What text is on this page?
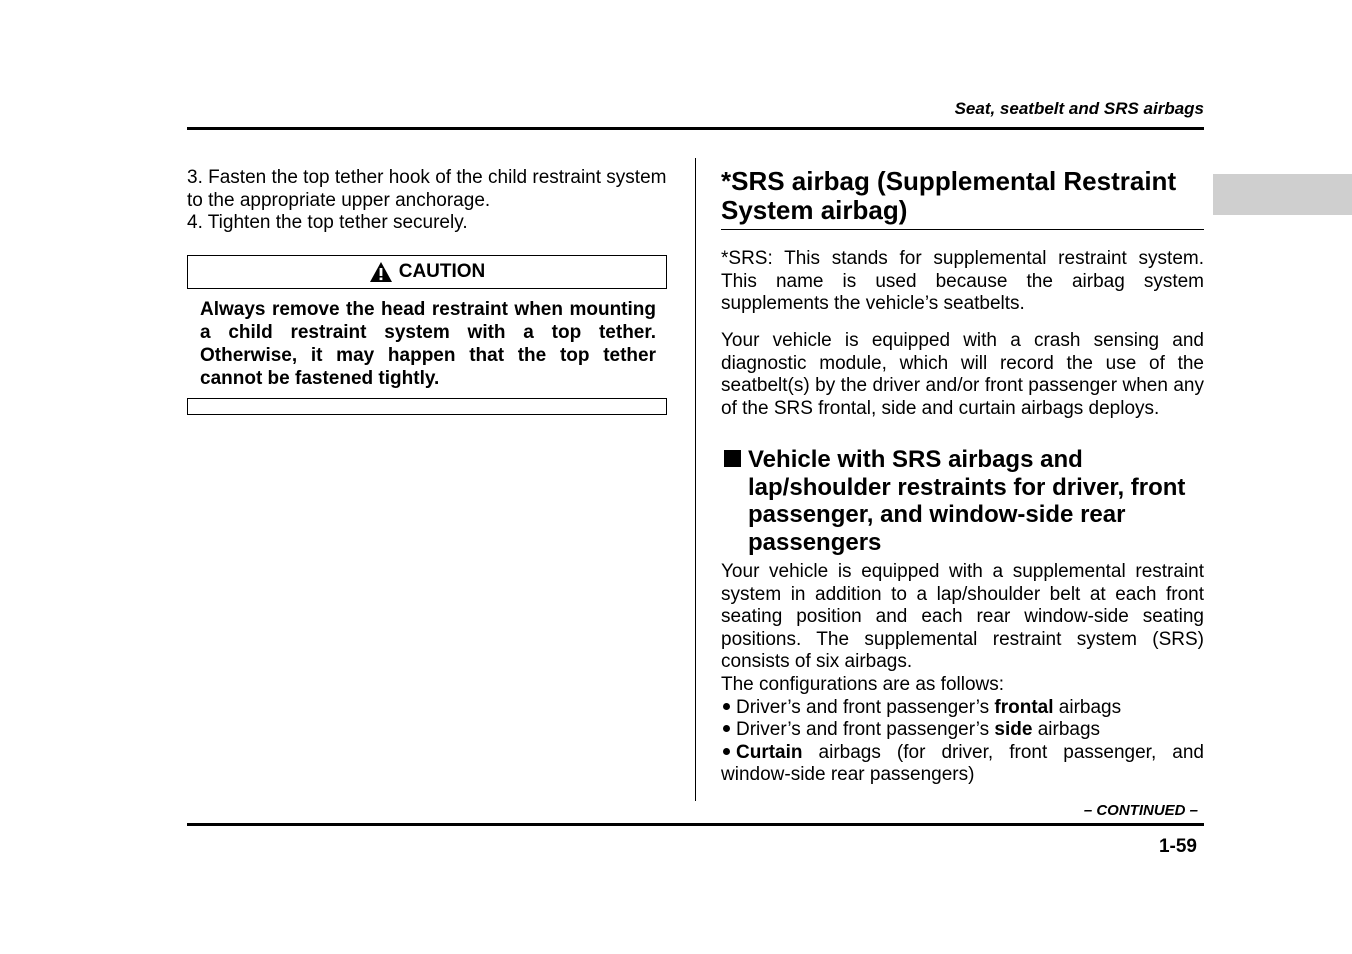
Seat, seatbelt and SRS airbags

3. Fasten the top tether hook of the child restraint system to the appropriate upper anchorage.

4. Tighten the top tether securely.

CAUTION
Always remove the head restraint when mounting a child restraint system with a top tether. Otherwise, it may happen that the top tether cannot be fastened tightly.
*SRS airbag (Supplemental Restraint System airbag)
*SRS: This stands for supplemental restraint system. This name is used because the airbag system supplements the vehicle’s seatbelts.
Your vehicle is equipped with a crash sensing and diagnostic module, which will record the use of the seatbelt(s) by the driver and/or front passenger when any of the SRS frontal, side and curtain airbags deploys.
Vehicle with SRS airbags and lap/shoulder restraints for driver, front passenger, and window-side rear passengers

Your vehicle is equipped with a supplemental restraint system in addition to a lap/shoulder belt at each front seating position and each rear window-side seating positions. The supplemental restraint system (SRS) consists of six airbags.

The configurations are as follows:

Driver’s and front passenger’s frontal airbags

Driver’s and front passenger’s side airbags

Curtain airbags (for driver, front passenger, and window-side rear passengers)

– CONTINUED –
1-59
